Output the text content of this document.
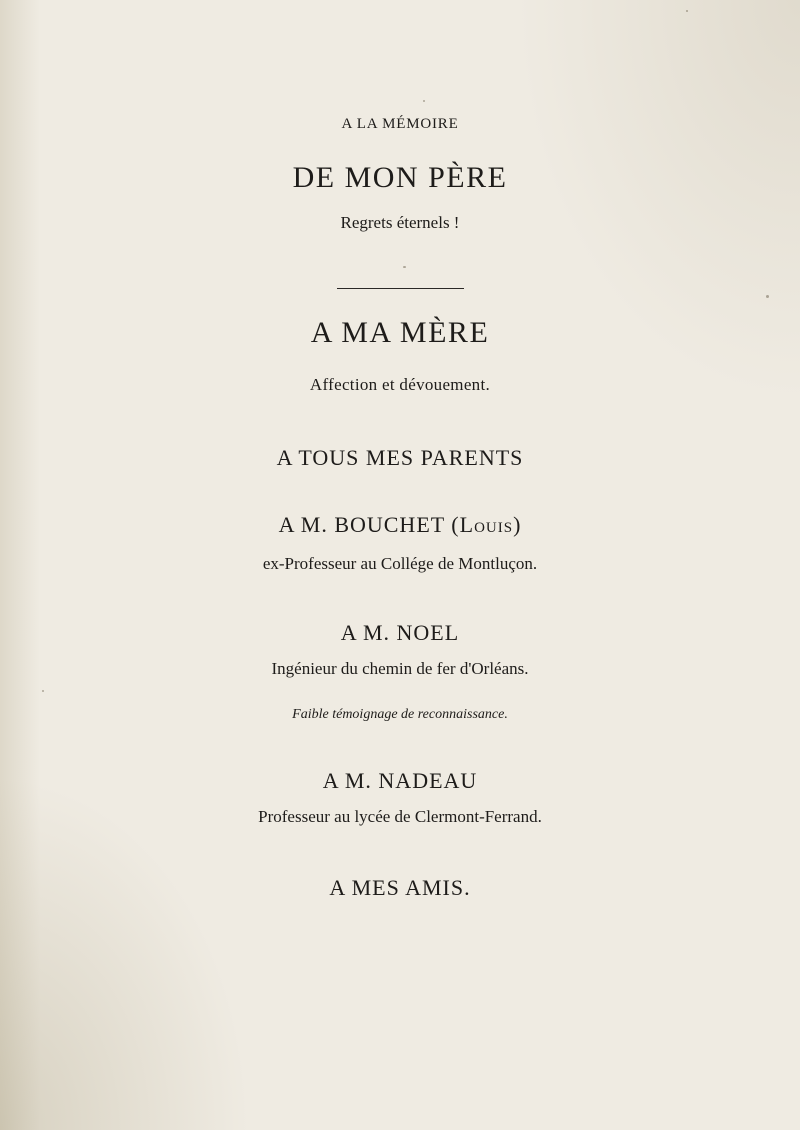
A LA MÉMOIRE
DE MON PÈRE
Regrets éternels !
A MA MÈRE
Affection et dévouement.
A TOUS MES PARENTS
A M. BOUCHET (Louis)
ex-Professeur au Collége de Montluçon.
A M. NOEL
Ingénieur du chemin de fer d'Orléans.
Faible témoignage de reconnaissance.
A M. NADEAU
Professeur au lycée de Clermont-Ferrand.
A MES AMIS.
